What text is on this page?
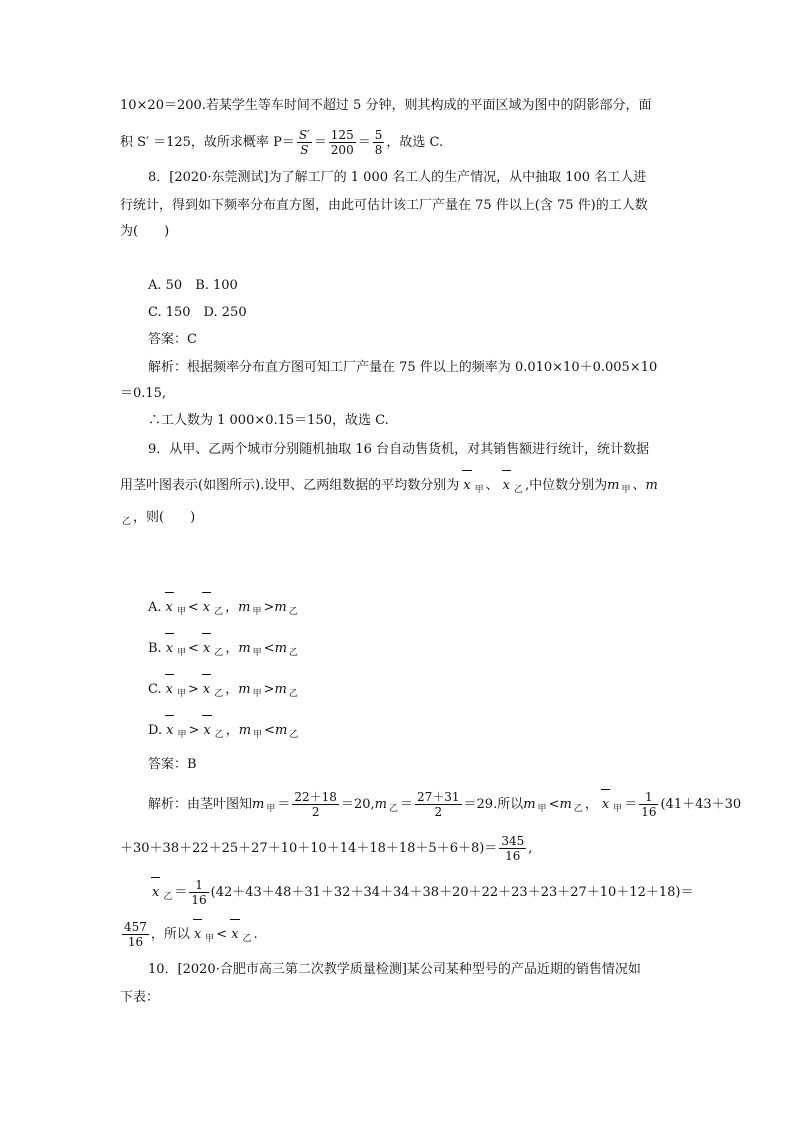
10×20＝200.若某学生等车时间不超过 5 分钟，则其构成的平面区域为图中的阴影部分，面
积 S′ ＝125，故所求概率 $P= \frac{S'}{S} = \frac{125}{200} = \frac{5}{8}$ ，故选 C.
8．[2020·东莞测试]为了解工厂的 1 000 名工人的生产情况，从中抽取 100 名工人进
行统计，得到如下频率分布直方图，由此可估计该工厂产量在 75 件以上(含 75 件)的工人数
为(　　)
A. 50　B. 100
C. 150　D. 250
答案：C
解析：根据频率分布直方图可知工厂产量在 75 件以上的频率为 0.010×10＋0.005×10
＝0.15,
∴工人数为 1 000×0.15＝150，故选 C.
9．从甲、乙两个城市分别随机抽取 16 台自动售货机，对其销售额进行统计，统计数据
用茎叶图表示(如图所示).设甲、乙两组数据的平均数分别为 x $_甲$ 、 x $_乙$ ,中位数分别为m $_甲$ 、m
$_乙$ ，则(　　)
A. x $_甲$ < x $_乙$ ，m $_甲$ >m $_乙$
B. x $_甲$ < x $_乙$ ，m $_甲$ <m $_乙$
C. x $_甲$ > x $_乙$ ，m $_甲$ >m $_乙$
D. x $_甲$ > x $_乙$ ，m $_甲$ <m $_乙$
答案：B
解析：由茎叶图知m $_甲 = \frac{22+18}{2} =20,m$ $_乙 = \frac{27+31}{2} =29$.所以m $_甲$ <m $_乙$ ， x $_甲 = \frac{1}{16} (41+43+30$
$+30+38+22+25+27+10+10+14+18+18+5+6+8)= \frac{345}{16}$ ,
x $_乙 = \frac{1}{16} (42+43+48+31+32+34+34+38+20+22+23+23+27+10+12+18)=$
$\frac{457}{16}$ ，所以 x $_甲$ < x $_乙$ .
10．[2020·合肥市高三第二次教学质量检测]某公司某种型号的产品近期的销售情况如
下表：
